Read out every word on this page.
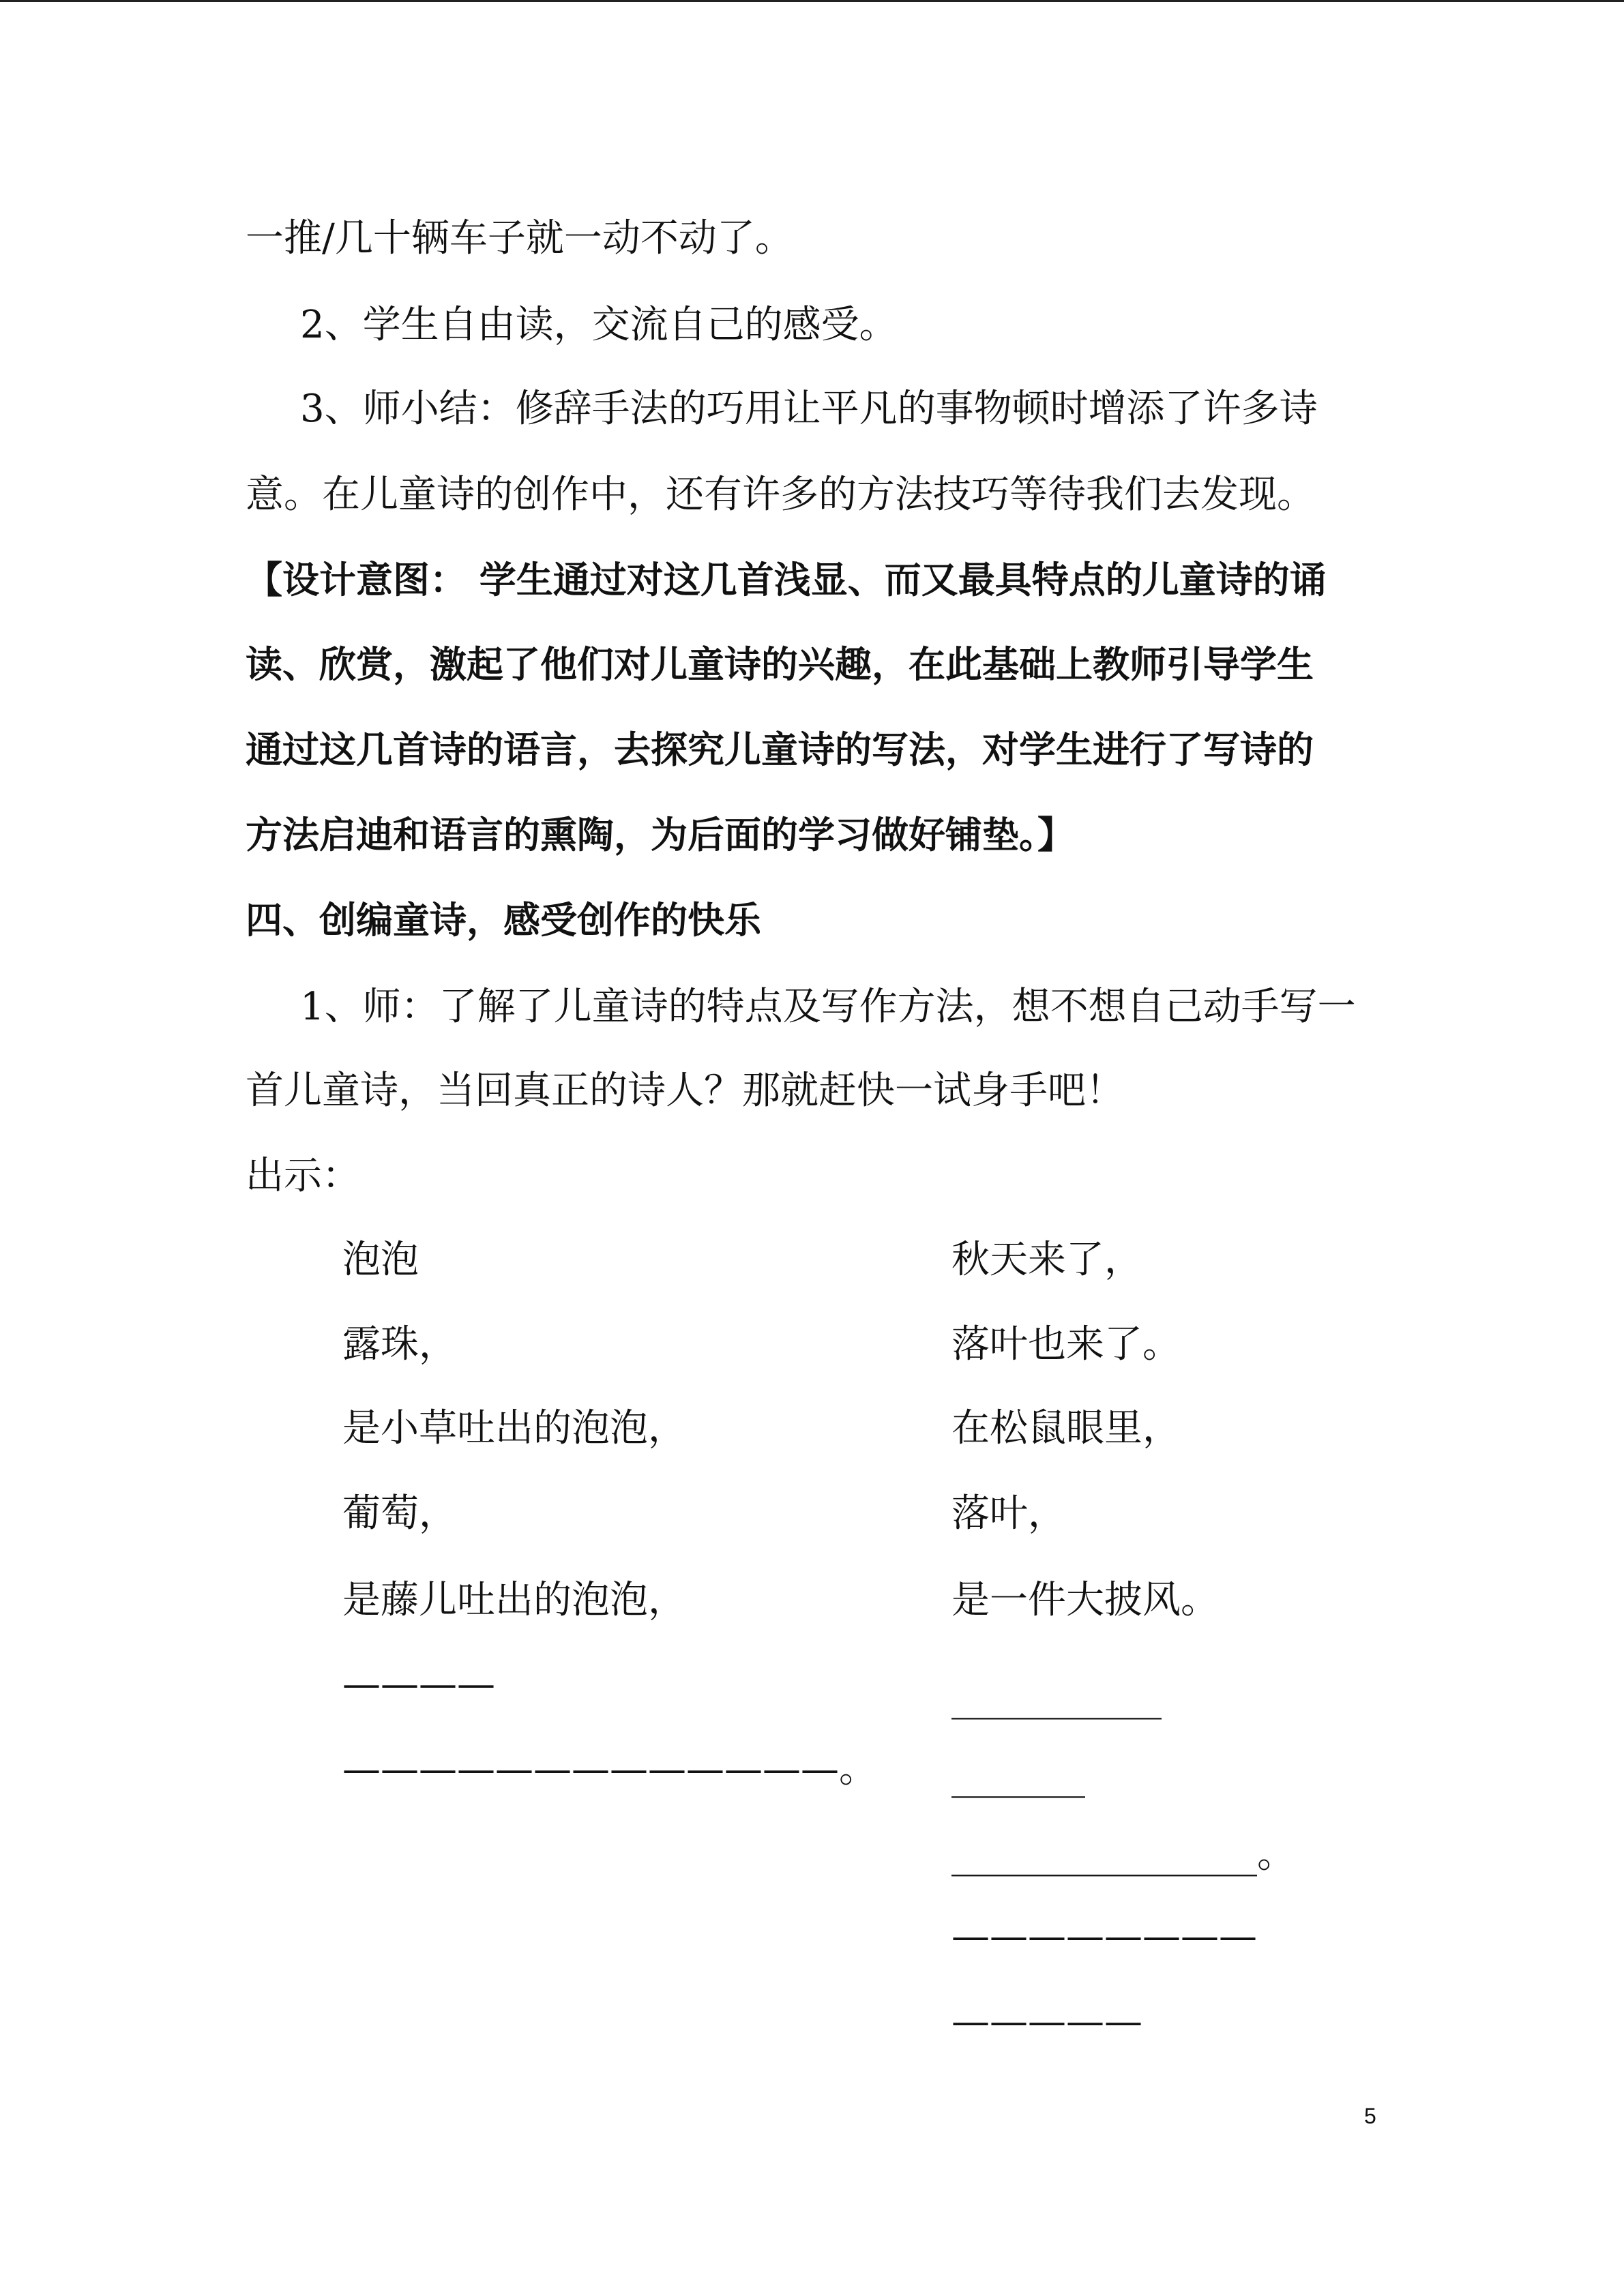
一推/几十辆车子就一动不动了。
2、学生自由读，交流自己的感受。
3、师小结：修辞手法的巧用让平凡的事物顿时增添了许多诗
意。在儿童诗的创作中，还有许多的方法技巧等待我们去发现。
【设计意图： 学生通过对这几首浅显、而又最具特点的儿童诗的诵
读、欣赏，激起了他们对儿童诗的兴趣，在此基础上教师引导学生
通过这几首诗的语言，去探究儿童诗的写法，对学生进行了写诗的
方法启迪和语言的熏陶，为后面的学习做好铺垫。】
四、创编童诗，感受创作的快乐
1、师：了解了儿童诗的特点及写作方法，想不想自己动手写一
首儿童诗，当回真正的诗人？那就赶快一试身手吧！
出示：
泡泡
露珠，
是小草吐出的泡泡，
葡萄，
是藤儿吐出的泡泡，
————
—————————————。
秋天来了，
落叶也来了。
在松鼠眼里，
落叶，
是一件大披风。
___________
_______
________________。
————————
—————
5
